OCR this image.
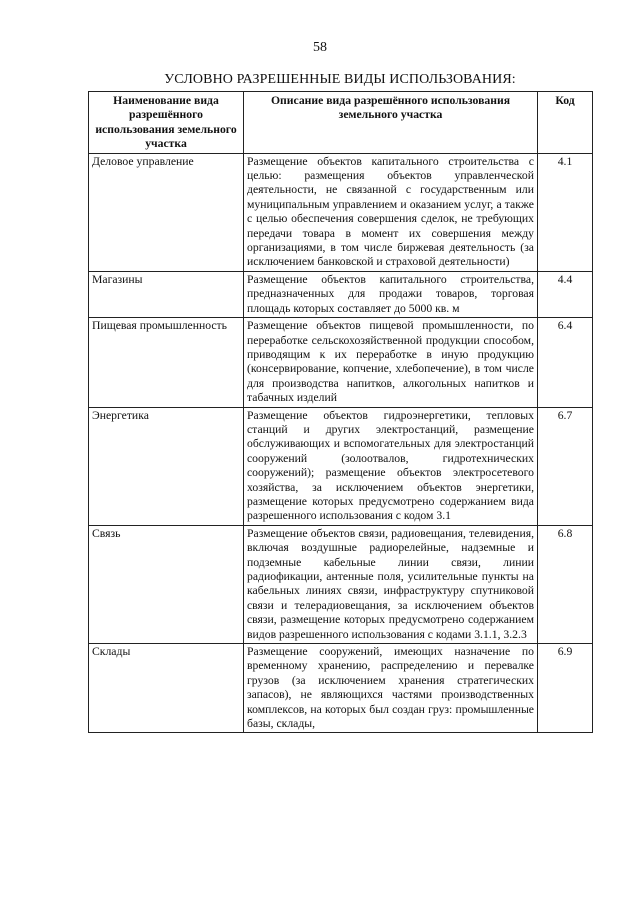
58
УСЛОВНО РАЗРЕШЕННЫЕ ВИДЫ ИСПОЛЬЗОВАНИЯ:
Наименование вида разрешённого использования земельного участка	Описание вида разрешённого использования земельного участка	Код
Деловое управление	Размещение объектов капитального строительства с целью: размещения объектов управленческой деятельности, не связанной с государственным или муниципальным управлением и оказанием услуг, а также с целью обеспечения совершения сделок, не требующих передачи товара в момент их совершения между организациями, в том числе биржевая деятельность (за исключением банковской и страховой деятельности)	4.1
Магазины	Размещение объектов капитального строительства, предназначенных для продажи товаров, торговая площадь которых составляет до 5000 кв. м	4.4
Пищевая промышленность	Размещение объектов пищевой промышленности, по переработке сельскохозяйственной продукции способом, приводящим к их переработке в иную продукцию (консервирование, копчение, хлебопечение), в том числе для производства напитков, алкогольных напитков и табачных изделий	6.4
Энергетика	Размещение объектов гидроэнергетики, тепловых станций и других электростанций, размещение обслуживающих и вспомогательных для электростанций сооружений (золоотвалов, гидротехнических сооружений); размещение объектов электросетевого хозяйства, за исключением объектов энергетики, размещение которых предусмотрено содержанием вида разрешенного использования с кодом 3.1	6.7
Связь	Размещение объектов связи, радиовещания, телевидения, включая воздушные радиорелейные, надземные и подземные кабельные линии связи, линии радиофикации, антенные поля, усилительные пункты на кабельных линиях связи, инфраструктуру спутниковой связи и телерадиовещания, за исключением объектов связи, размещение которых предусмотрено содержанием видов разрешенного использования с кодами 3.1.1, 3.2.3	6.8
Склады	Размещение сооружений, имеющих назначение по временному хранению, распределению и перевалке грузов (за исключением хранения стратегических запасов), не являющихся частями производственных комплексов, на которых был создан груз: промышленные базы, склады,	6.9
